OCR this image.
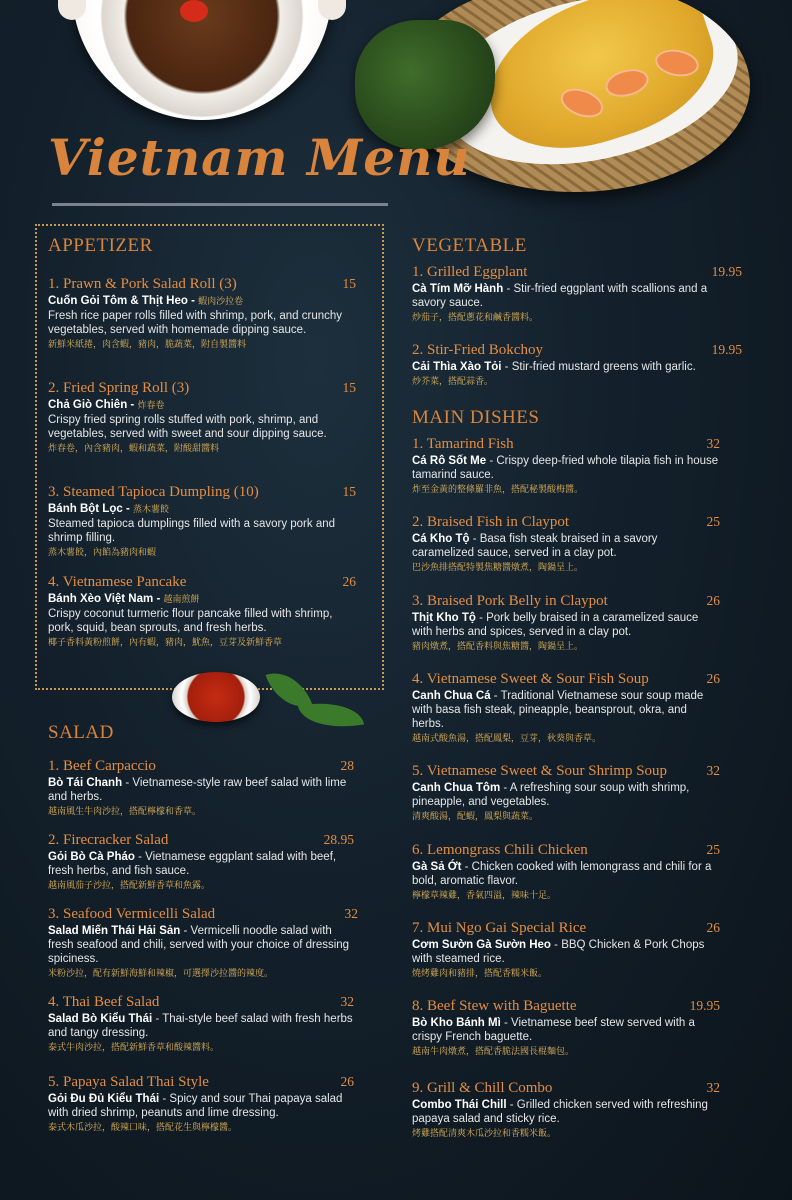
Vietnam Menu
APPETIZER
1. Prawn & Pork Salad Roll (3)	15
Cuốn Gỏi Tôm & Thịt Heo - 蝦肉沙拉卷
Fresh rice paper rolls filled with shrimp, pork, and crunchy vegetables, served with homemade dipping sauce.
新鮮米紙捲，肉含蝦，豬肉，脆蔬菜，附自製醬料
2. Fried Spring Roll (3)	15
Chả Giò Chiên - 炸春卷
Crispy fried spring rolls stuffed with pork, shrimp, and vegetables, served with sweet and sour dipping sauce.
炸春卷，內含豬肉，蝦和蔬菜，附酸甜醬料
3. Steamed Tapioca Dumpling (10)	15
Bánh Bột Lọc - 蒸木薯餃
Steamed tapioca dumplings filled with a savory pork and shrimp filling.
蒸木薯餃，內餡為豬肉和蝦
4. Vietnamese Pancake	26
Bánh Xèo Việt Nam - 越南煎餅
Crispy coconut turmeric flour pancake filled with shrimp, pork, squid, bean sprouts, and fresh herbs.
椰子香料黃粉煎餅，內有蝦，豬肉，魷魚，豆芽及新鮮香草
SALAD
1. Beef Carpaccio	28
Bò Tái Chanh - Vietnamese-style raw beef salad with lime and herbs.
越南風生牛肉沙拉，搭配檸檬和香草。
2. Firecracker Salad	28.95
Gỏi Bò Cà Pháo - Vietnamese eggplant salad with beef, fresh herbs, and fish sauce.
越南風茄子沙拉，搭配新鮮香草和魚露。
3. Seafood Vermicelli Salad	32
Salad Miến Thái Hải Sản - Vermicelli noodle salad with fresh seafood and chili, served with your choice of dressing spiciness.
米粉沙拉，配有新鮮海鮮和辣椒，可選擇沙拉醬的辣度。
4. Thai Beef Salad	32
Salad Bò Kiểu Thái - Thai-style beef salad with fresh herbs and tangy dressing.
泰式牛肉沙拉，搭配新鮮香草和酸辣醬料。
5. Papaya Salad Thai Style	26
Gỏi Đu Đủ Kiểu Thái - Spicy and sour Thai papaya salad with dried shrimp, peanuts and lime dressing.
泰式木瓜沙拉，酸辣口味，搭配花生與檸檬醬。
VEGETABLE
1. Grilled Eggplant	19.95
Cà Tím Mỡ Hành - Stir-fried eggplant with scallions and a savory sauce.
炒茄子，搭配蔥花和鹹香醬料。
2. Stir-Fried Bokchoy	19.95
Cải Thìa Xào Tỏi - Stir-fried mustard greens with garlic.
炒芥菜，搭配蒜香。
MAIN DISHES
1. Tamarind Fish	32
Cá Rô Sốt Me - Crispy deep-fried whole tilapia fish in house tamarind sauce.
炸至金黃的整條羅非魚，搭配秘製酸梅醬。
2. Braised Fish in Claypot	25
Cá Kho Tộ - Basa fish steak braised in a savory caramelized sauce, served in a clay pot.
巴沙魚排搭配特製焦糖醬燉煮，陶鍋呈上。
3. Braised Pork Belly in Claypot	26
Thịt Kho Tộ - Pork belly braised in a caramelized sauce with herbs and spices, served in a clay pot.
豬肉燉煮，搭配香料與焦糖醬，陶鍋呈上。
4. Vietnamese Sweet & Sour Fish Soup	26
Canh Chua Cá - Traditional Vietnamese sour soup made with basa fish steak, pineapple, beansprout, okra, and herbs.
越南式酸魚湯，搭配鳳梨，豆芽，秋葵與香草。
5. Vietnamese Sweet & Sour Shrimp Soup	32
Canh Chua Tôm - A refreshing sour soup with shrimp, pineapple, and vegetables.
清爽酸湯，配蝦，鳳梨與蔬菜。
6. Lemongrass Chili Chicken	25
Gà Sả Ớt - Chicken cooked with lemongrass and chili for a bold, aromatic flavor.
檸檬草辣雞，香氣四溢，辣味十足。
7. Mui Ngo Gai Special Rice	26
Cơm Sườn Gà Sườn Heo - BBQ Chicken & Pork Chops with steamed rice.
燒烤雞肉和豬排，搭配香糯米飯。
8. Beef Stew with Baguette	19.95
Bò Kho Bánh Mì - Vietnamese beef stew served with a crispy French baguette.
越南牛肉燉煮，搭配香脆法國長棍麵包。
9. Grill & Chill Combo	32
Combo Thái Chill - Grilled chicken served with refreshing papaya salad and sticky rice.
烤雞搭配清爽木瓜沙拉和香糯米飯。
